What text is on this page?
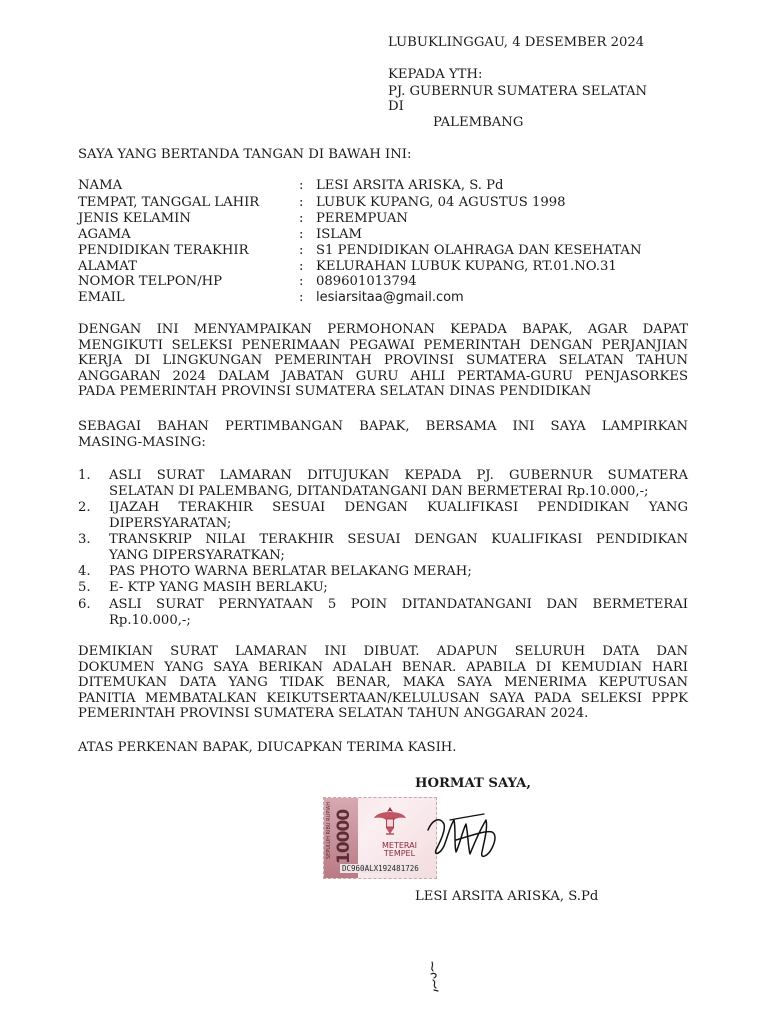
LUBUKLINGGAU, 4 DESEMBER 2024
KEPADA YTH:
PJ. GUBERNUR SUMATERA SELATAN
DI
PALEMBANG
SAYA YANG BERTANDA TANGAN DI BAWAH INI:
NAMA	: LESI ARSITA ARISKA, S. Pd
TEMPAT, TANGGAL LAHIR	: LUBUK KUPANG, 04 AGUSTUS 1998
JENIS KELAMIN	: PEREMPUAN
AGAMA	: ISLAM
PENDIDIKAN TERAKHIR	: S1 PENDIDIKAN OLAHRAGA DAN KESEHATAN
ALAMAT	: KELURAHAN LUBUK KUPANG, RT.01.NO.31
NOMOR TELPON/HP	: 089601013794
EMAIL	: lesiarsitaa@gmail.com
DENGAN INI MENYAMPAIKAN PERMOHONAN KEPADA BAPAK, AGAR DAPAT
MENGIKUTI SELEKSI PENERIMAAN PEGAWAI PEMERINTAH DENGAN PERJANJIAN
KERJA DI LINGKUNGAN PEMERINTAH PROVINSI SUMATERA SELATAN TAHUN
ANGGARAN 2024 DALAM JABATAN GURU AHLI PERTAMA-GURU PENJASORKES
PADA PEMERINTAH PROVINSI SUMATERA SELATAN DINAS PENDIDIKAN
SEBAGAI BAHAN PERTIMBANGAN BAPAK, BERSAMA INI SAYA LAMPIRKAN
MASING-MASING:
1. ASLI SURAT LAMARAN DITUJUKAN KEPADA PJ. GUBERNUR SUMATERA
SELATAN DI PALEMBANG, DITANDATANGANI DAN BERMETERAI Rp.10.000,-;
2. IJAZAH TERAKHIR SESUAI DENGAN KUALIFIKASI PENDIDIKAN YANG
DIPERSYARATAN;
3. TRANSKRIP NILAI TERAKHIR SESUAI DENGAN KUALIFIKASI PENDIDIKAN
YANG DIPERSYARATKAN;
4. PAS PHOTO WARNA BERLATAR BELAKANG MERAH;
5. E- KTP YANG MASIH BERLAKU;
6. ASLI SURAT PERNYATAAN 5 POIN DITANDATANGANI DAN BERMETERAI
Rp.10.000,-;
DEMIKIAN SURAT LAMARAN INI DIBUAT. ADAPUN SELURUH DATA DAN
DOKUMEN YANG SAYA BERIKAN ADALAH BENAR. APABILA DI KEMUDIAN HARI
DITEMUKAN DATA YANG TIDAK BENAR, MAKA SAYA MENERIMA KEPUTUSAN
PANITIA MEMBATALKAN KEIKUTSERTAAN/KELULUSAN SAYA PADA SELEKSI PPPK
PEMERINTAH PROVINSI SUMATERA SELATAN TAHUN ANGGARAN 2024.
ATAS PERKENAN BAPAK, DIUCAPKAN TERIMA KASIH.
HORMAT SAYA,
SEPULUH RIBU RUPIAH 10000	METERAI
TEMPEL
DC960ALX192481726
LESI ARSITA ARISKA, S.Pd
